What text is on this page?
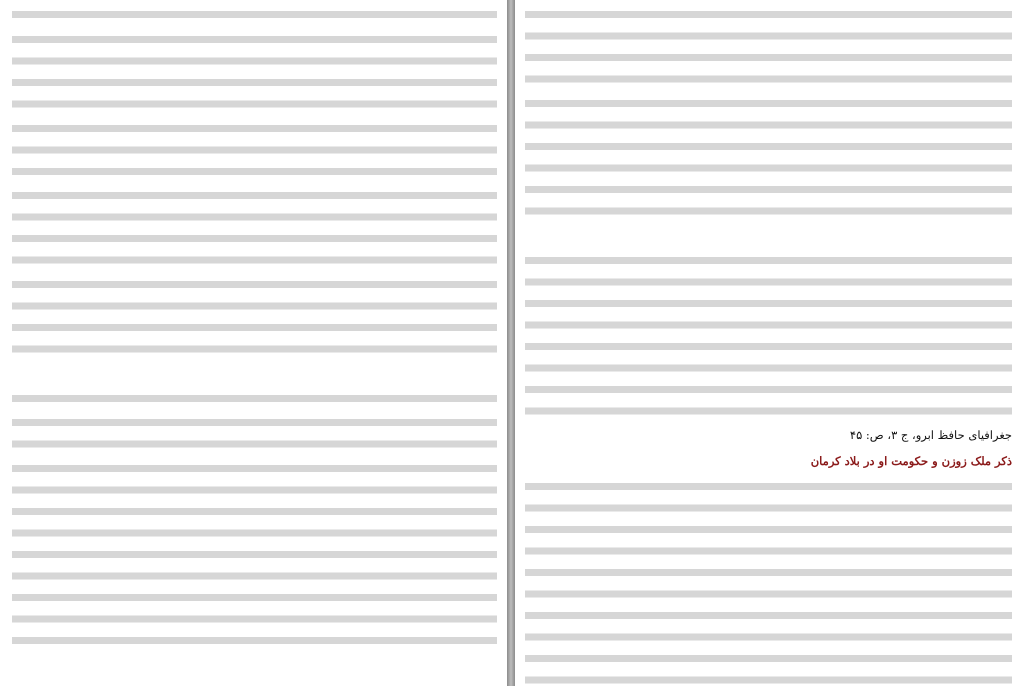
جغرافیای حافظ ابرو، ج ۳، ص: ۴۵

ذکر ملک زوزن و حکومت او در بلاد کرمان
